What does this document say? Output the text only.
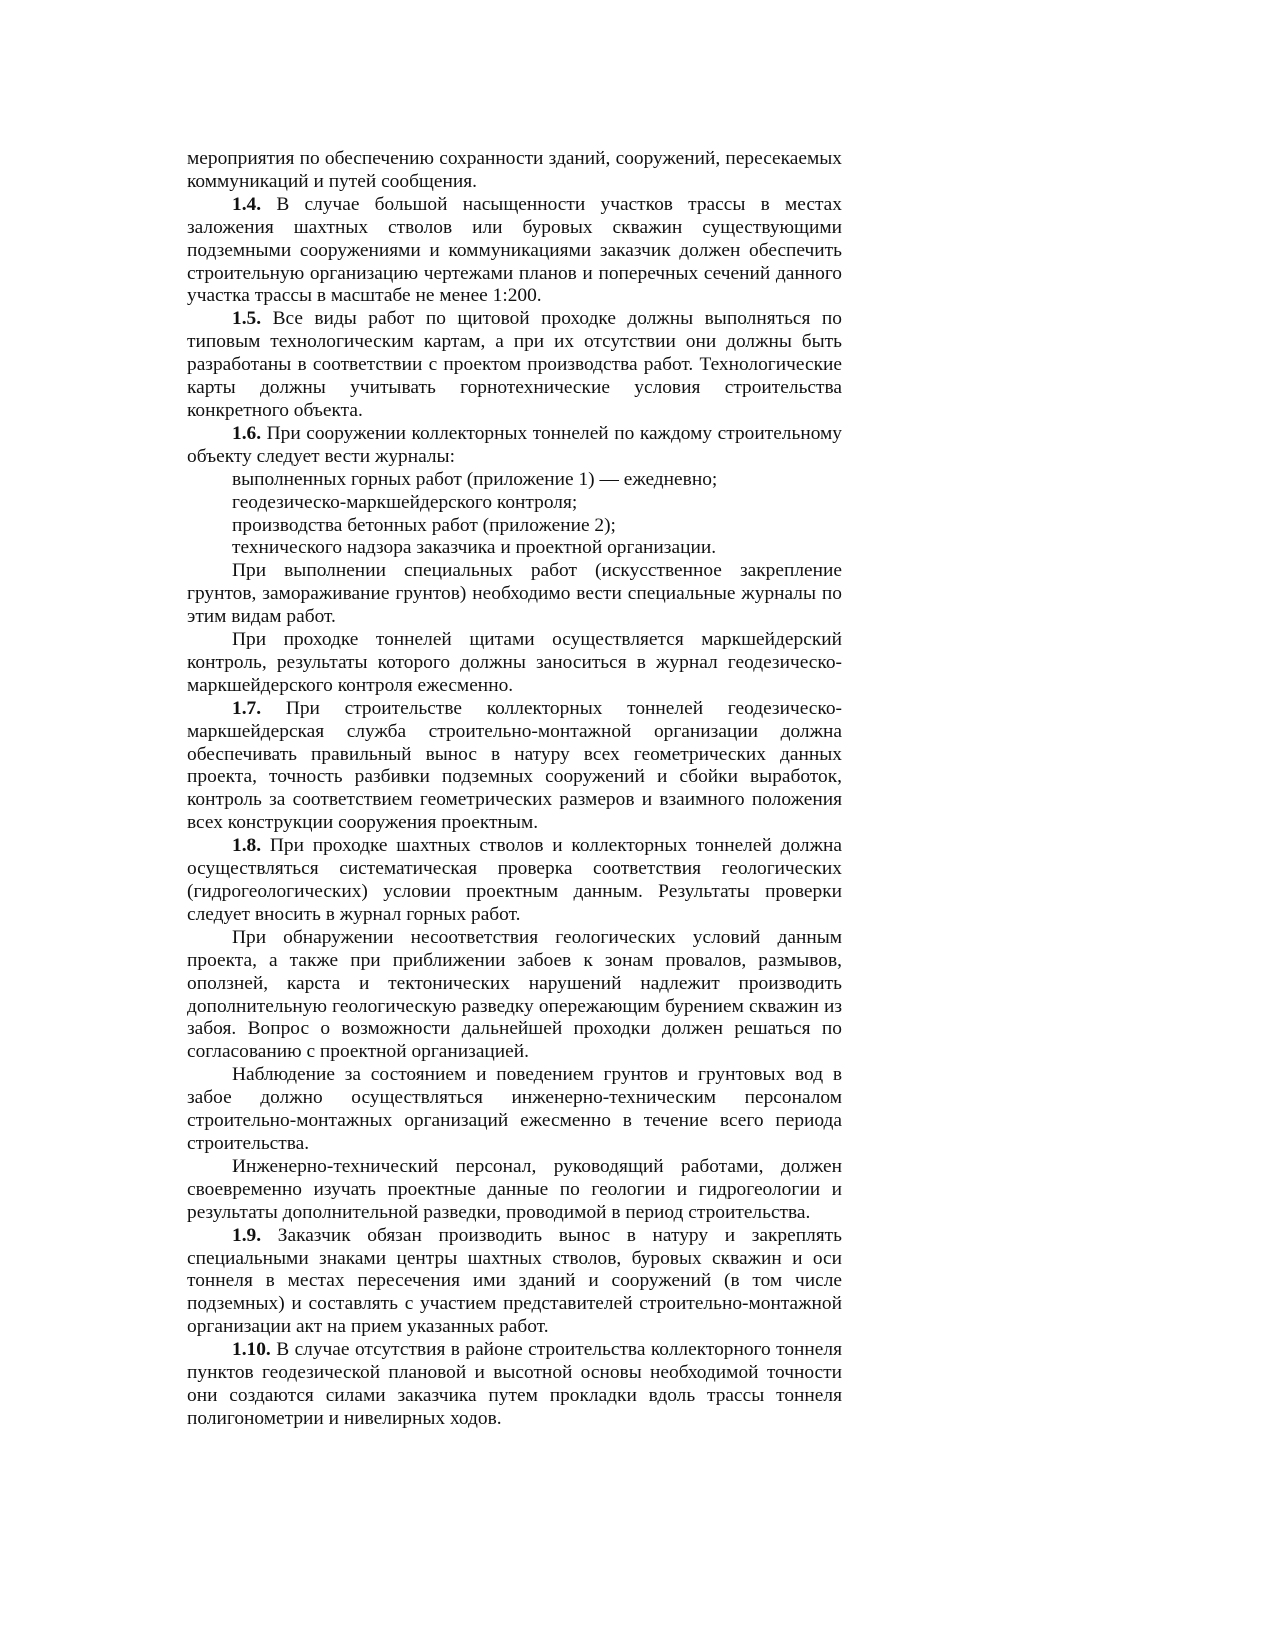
мероприятия по обеспечению сохранности зданий, сооружений, пересекаемых коммуникаций и путей сообщения.

1.4. В случае большой насыщенности участков трассы в местах заложения шахтных стволов или буровых скважин существующими подземными сооружениями и коммуникациями заказчик должен обеспечить строительную организацию чертежами планов и поперечных сечений данного участка трассы в масштабе не менее 1:200.

1.5. Все виды работ по щитовой проходке должны выполняться по типовым технологическим картам, а при их отсутствии они должны быть разработаны в соответствии с проектом производства работ. Технологические карты должны учитывать горнотехнические условия строительства конкретного объекта.

1.6. При сооружении коллекторных тоннелей по каждому строительному объекту следует вести журналы:

выполненных горных работ (приложение 1) — ежедневно;

геодезическо-маркшейдерского контроля;

производства бетонных работ (приложение 2);

технического надзора заказчика и проектной организации.

При выполнении специальных работ (искусственное закрепление грунтов, замораживание грунтов) необходимо вести специальные журналы по этим видам работ.

При проходке тоннелей щитами осуществляется маркшейдерский контроль, результаты которого должны заноситься в журнал геодезическо-маркшейдерского контроля ежесменно.

1.7. При строительстве коллекторных тоннелей геодезическо-маркшейдерская служба строительно-монтажной организации должна обеспечивать правильный вынос в натуру всех геометрических данных проекта, точность разбивки подземных сооружений и сбойки выработок, контроль за соответствием геометрических размеров и взаимного положения всех конструкции сооружения проектным.

1.8. При проходке шахтных стволов и коллекторных тоннелей должна осуществляться систематическая проверка соответствия геологических (гидрогеологических) условии проектным данным. Результаты проверки следует вносить в журнал горных работ.

При обнаружении несоответствия геологических условий данным проекта, а также при приближении забоев к зонам провалов, размывов, оползней, карста и тектонических нарушений надлежит производить дополнительную геологическую разведку опережающим бурением скважин из забоя. Вопрос о возможности дальнейшей проходки должен решаться по согласованию с проектной организацией.

Наблюдение за состоянием и поведением грунтов и грунтовых вод в забое должно осуществляться инженерно-техническим персоналом строительно-монтажных организаций ежесменно в течение всего периода строительства.

Инженерно-технический персонал, руководящий работами, должен своевременно изучать проектные данные по геологии и гидрогеологии и результаты дополнительной разведки, проводимой в период строительства.

1.9. Заказчик обязан производить вынос в натуру и закреплять специальными знаками центры шахтных стволов, буровых скважин и оси тоннеля в местах пересечения ими зданий и сооружений (в том числе подземных) и составлять с участием представителей строительно-монтажной организации акт на прием указанных работ.

1.10. В случае отсутствия в районе строительства коллекторного тоннеля пунктов геодезической плановой и высотной основы необходимой точности они создаются силами заказчика путем прокладки вдоль трассы тоннеля полигонометрии и нивелирных ходов.
